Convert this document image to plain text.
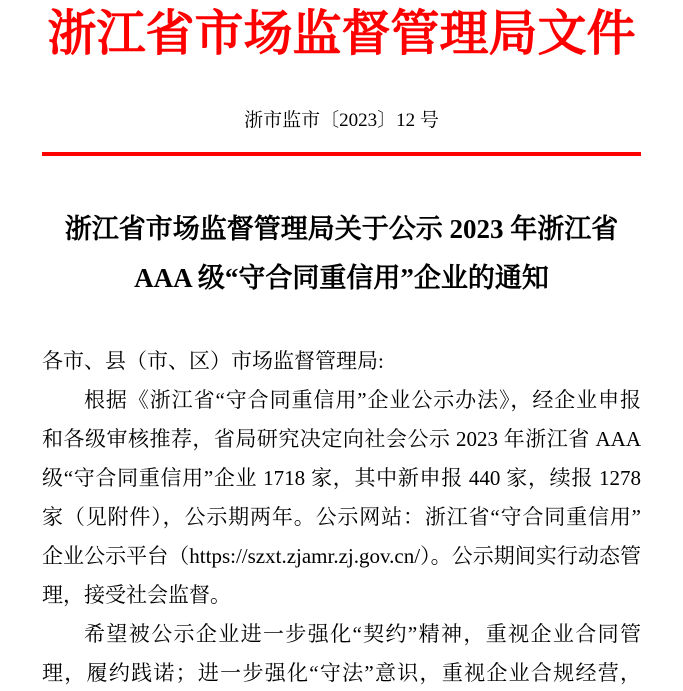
浙江省市场监督管理局文件
浙市监市〔2023〕12 号
浙江省市场监督管理局关于公示 2023 年浙江省
AAA 级“守合同重信用”企业的通知
各市、县（市、区）市场监督管理局:
根据《浙江省“守合同重信用”企业公示办法》，经企业申报
和各级审核推荐，省局研究决定向社会公示 2023 年浙江省 AAA
级“守合同重信用”企业 1718 家，其中新申报 440 家，续报 1278
家（见附件），公示期两年。公示网站：浙江省“守合同重信用”
企业公示平台（https://szxt.zjamr.zj.gov.cn/）。公示期间实行动态管
理，接受社会监督。
希望被公示企业进一步强化“契约”精神，重视企业合同管
理，履约践诺；进一步强化“守法”意识，重视企业合规经营，
